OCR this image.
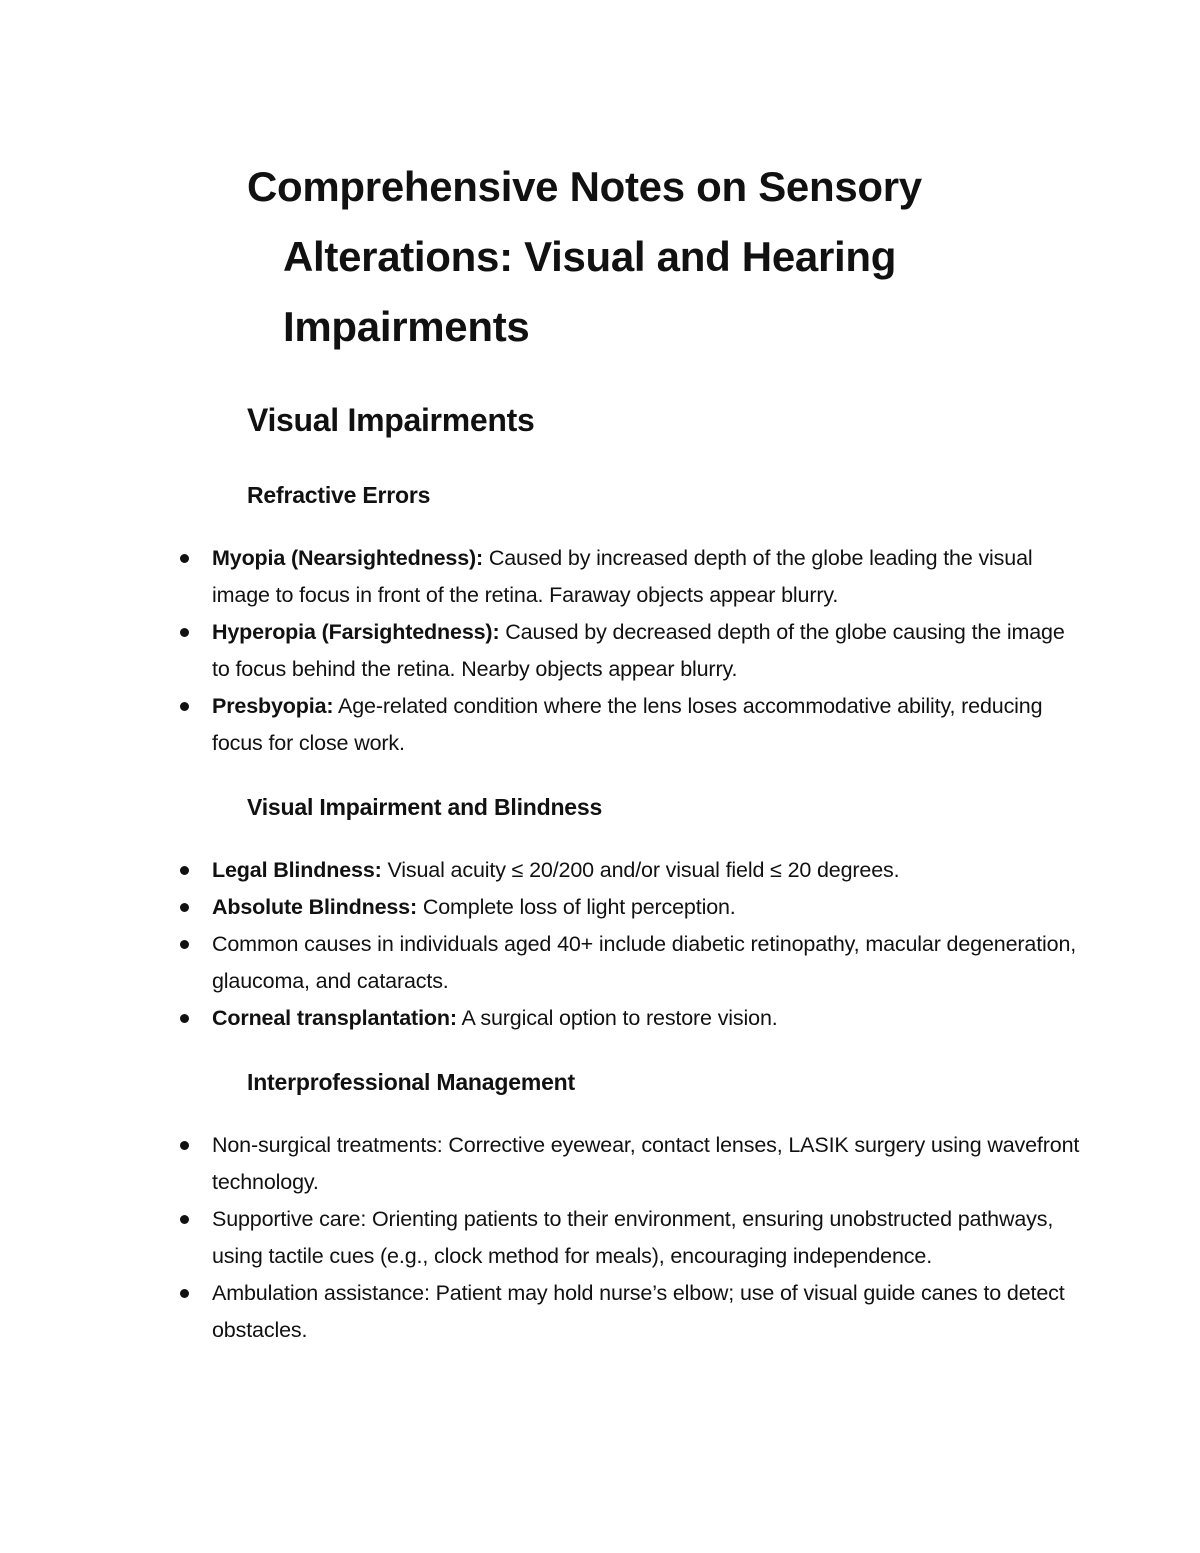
Comprehensive Notes on Sensory Alterations: Visual and Hearing Impairments
Visual Impairments
Refractive Errors
Myopia (Nearsightedness): Caused by increased depth of the globe leading the visual image to focus in front of the retina. Faraway objects appear blurry.
Hyperopia (Farsightedness): Caused by decreased depth of the globe causing the image to focus behind the retina. Nearby objects appear blurry.
Presbyopia: Age-related condition where the lens loses accommodative ability, reducing focus for close work.
Visual Impairment and Blindness
Legal Blindness: Visual acuity ≤ 20/200 and/or visual field ≤ 20 degrees.
Absolute Blindness: Complete loss of light perception.
Common causes in individuals aged 40+ include diabetic retinopathy, macular degeneration, glaucoma, and cataracts.
Corneal transplantation: A surgical option to restore vision.
Interprofessional Management
Non-surgical treatments: Corrective eyewear, contact lenses, LASIK surgery using wavefront technology.
Supportive care: Orienting patients to their environment, ensuring unobstructed pathways, using tactile cues (e.g., clock method for meals), encouraging independence.
Ambulation assistance: Patient may hold nurse’s elbow; use of visual guide canes to detect obstacles.
